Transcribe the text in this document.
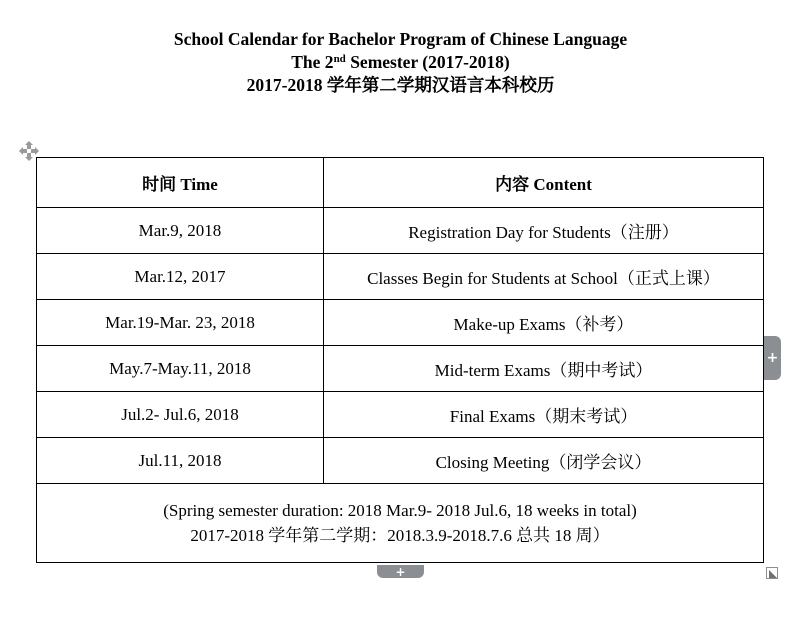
School Calendar for Bachelor Program of Chinese Language
The 2nd Semester (2017-2018)
2017-2018 学年第二学期汉语言本科校历
时间 Time	内容 Content
Mar.9, 2018	Registration Day for Students（注册）
Mar.12, 2017	Classes Begin for Students at School（正式上课）
Mar.19-Mar. 23, 2018	Make-up Exams（补考）
May.7-May.11, 2018	Mid-term Exams（期中考试）
Jul.2- Jul.6, 2018	Final Exams（期末考试）
Jul.11, 2018	Closing Meeting（闭学会议）

(Spring semester duration: 2018 Mar.9- 2018 Jul.6, 18 weeks in total)
2017-2018 学年第二学期：2018.3.9-2018.7.6 总共 18 周）	
+
+
